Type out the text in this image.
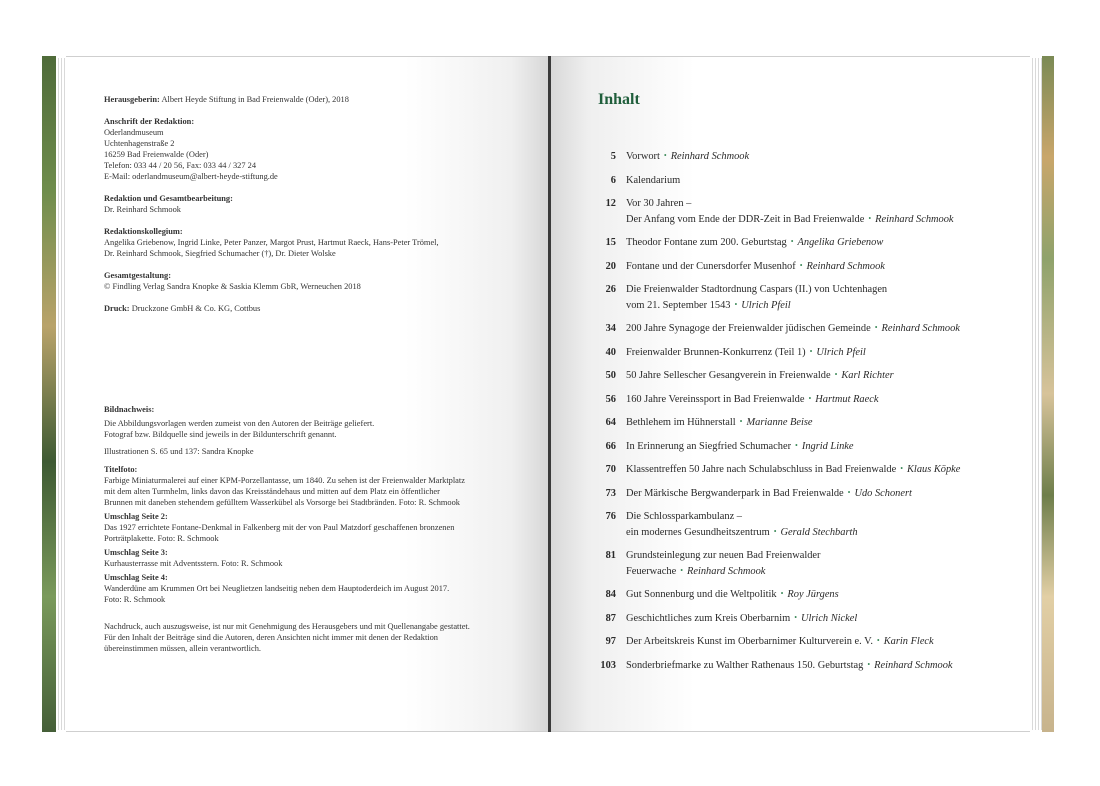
Herausgeberin: Albert Heyde Stiftung in Bad Freienwalde (Oder), 2018

Anschrift der Redaktion:

Oderlandmuseum

Uchtenhagenstraße 2

16259 Bad Freienwalde (Oder)

Telefon: 033 44 / 20 56, Fax: 033 44 / 327 24

E-Mail: oderlandmuseum@albert-heyde-stiftung.de

Redaktion und Gesamtbearbeitung:

Dr. Reinhard Schmook

Redaktionskollegium:

Angelika Griebenow, Ingrid Linke, Peter Panzer, Margot Prust, Hartmut Raeck, Hans-Peter Trömel,

Dr. Reinhard Schmook, Siegfried Schumacher (†), Dr. Dieter Wolske

Gesamtgestaltung:

© Findling Verlag Sandra Knopke & Saskia Klemm GbR, Werneuchen 2018

Druck: Druckzone GmbH & Co. KG, Cottbus

Bildnachweis:

Die Abbildungsvorlagen werden zumeist von den Autoren der Beiträge geliefert.

Fotograf bzw. Bildquelle sind jeweils in der Bildunterschrift genannt.

Illustrationen S. 65 und 137: Sandra Knopke

Titelfoto:

Farbige Miniaturmalerei auf einer KPM-Porzellantasse, um 1840. Zu sehen ist der Freienwalder Marktplatz

mit dem alten Turmhelm, links davon das Kreisständehaus und mitten auf dem Platz ein öffentlicher

Brunnen mit daneben stehendem gefülltem Wasserkübel als Vorsorge bei Stadtbränden. Foto: R. Schmook

Umschlag Seite 2:

Das 1927 errichtete Fontane-Denkmal in Falkenberg mit der von Paul Matzdorf geschaffenen bronzenen

Porträtplakette. Foto: R. Schmook

Umschlag Seite 3:

Kurhausterrasse mit Adventsstern. Foto: R. Schmook

Umschlag Seite 4:

Wanderdüne am Krummen Ort bei Neuglietzen landseitig neben dem Hauptoderdeich im August 2017.

Foto: R. Schmook

Nachdruck, auch auszugsweise, ist nur mit Genehmigung des Herausgebers und mit Quellenangabe gestattet.

Für den Inhalt der Beiträge sind die Autoren, deren Ansichten nicht immer mit denen der Redaktion

übereinstimmen müssen, allein verantwortlich.

Inhalt
5 Vorwort • Reinhard Schmook
6 Kalendarium
12 Vor 30 Jahren –
Der Anfang vom Ende der DDR-Zeit in Bad Freienwalde • Reinhard Schmook
15 Theodor Fontane zum 200. Geburtstag • Angelika Griebenow
20 Fontane und der Cunersdorfer Musenhof • Reinhard Schmook
26 Die Freienwalder Stadtordnung Caspars (II.) von Uchtenhagen
vom 21. September 1543 • Ulrich Pfeil
34 200 Jahre Synagoge der Freienwalder jüdischen Gemeinde • Reinhard Schmook
40 Freienwalder Brunnen-Konkurrenz (Teil 1) • Ulrich Pfeil
50 50 Jahre Sellescher Gesangverein in Freienwalde • Karl Richter
56 160 Jahre Vereinssport in Bad Freienwalde • Hartmut Raeck
64 Bethlehem im Hühnerstall • Marianne Beise
66 In Erinnerung an Siegfried Schumacher • Ingrid Linke
70 Klassentreffen 50 Jahre nach Schulabschluss in Bad Freienwalde • Klaus Köpke
73 Der Märkische Bergwanderpark in Bad Freienwalde • Udo Schonert
76 Die Schlossparkambulanz –
ein modernes Gesundheitszentrum • Gerald Stechbarth
81 Grundsteinlegung zur neuen Bad Freienwalder
Feuerwache • Reinhard Schmook
84 Gut Sonnenburg und die Weltpolitik • Roy Jürgens
87 Geschichtliches zum Kreis Oberbarnim • Ulrich Nickel
97 Der Arbeitskreis Kunst im Oberbarnimer Kulturverein e. V. • Karin Fleck
103 Sonderbriefmarke zu Walther Rathenaus 150. Geburtstag • Reinhard Schmook
